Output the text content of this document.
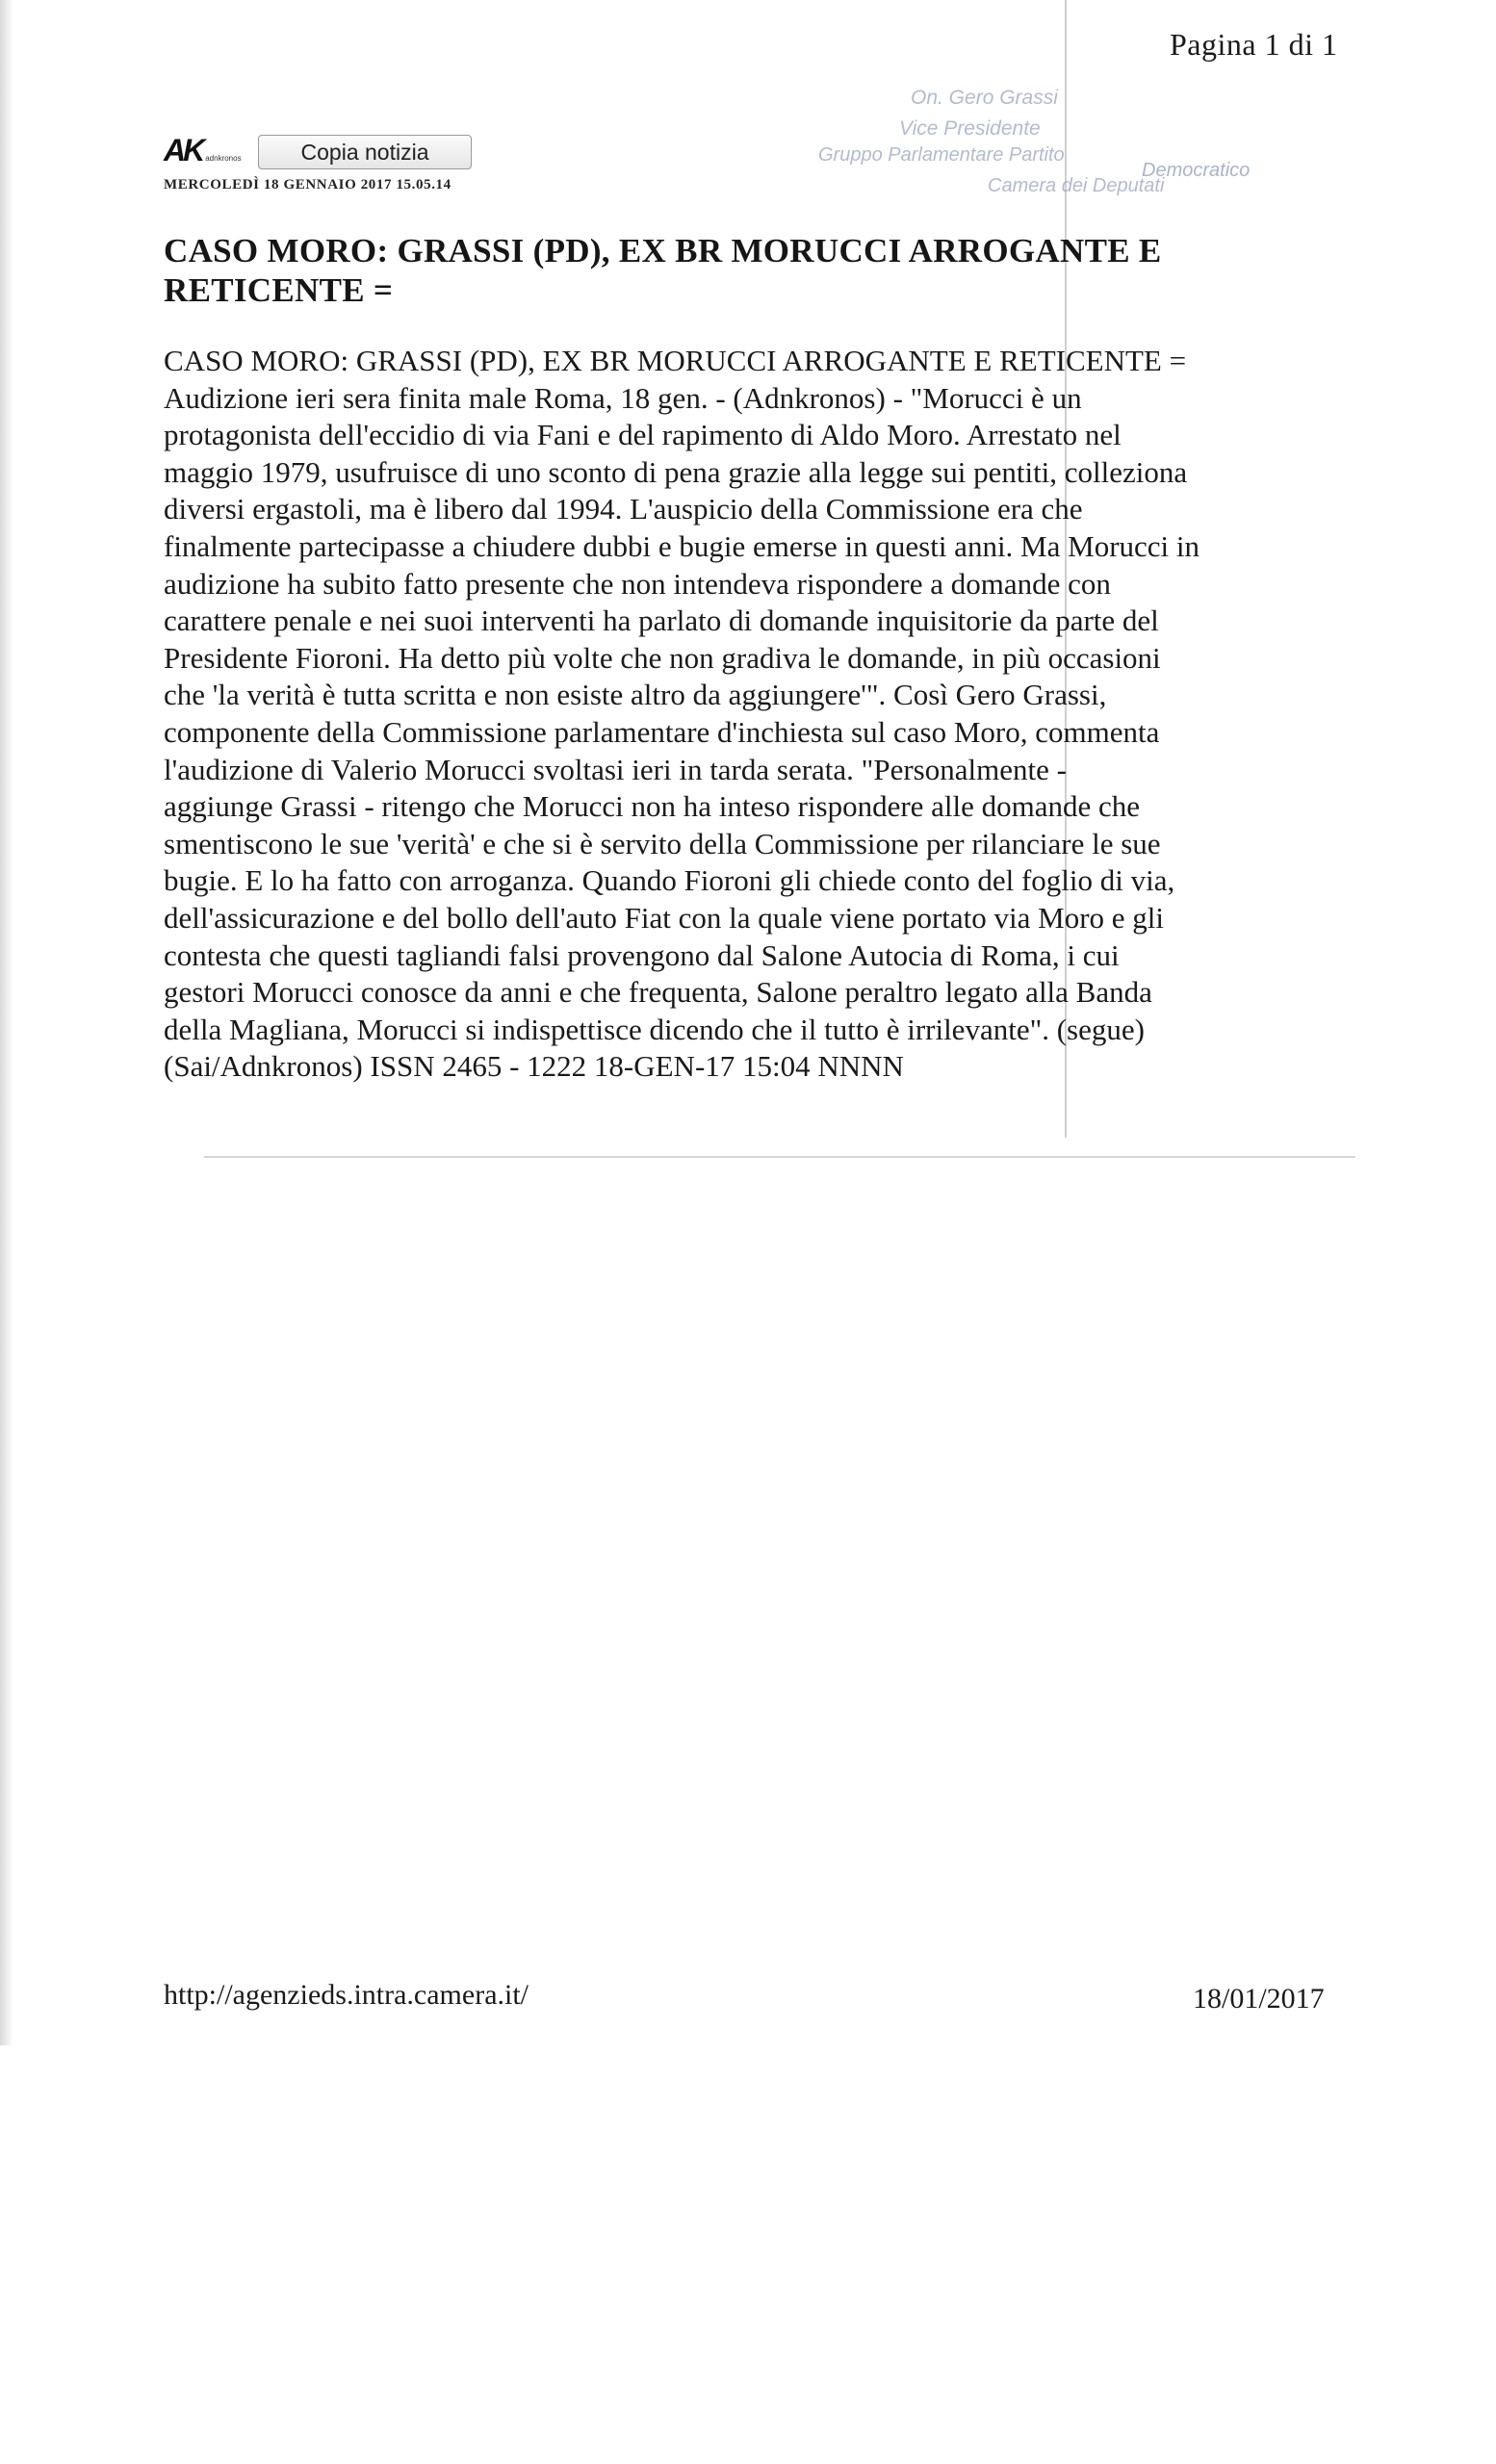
Pagina 1 di 1
AK adnkronos	Copia notizia
MERCOLEDÌ 18 GENNAIO 2017 15.05.14
On. Gero Grassi
Vice Presidente
Gruppo Parlamentare Partito
Democratico
Camera dei Deputati
CASO MORO: GRASSI (PD), EX BR MORUCCI ARROGANTE E
RETICENTE =
CASO MORO: GRASSI (PD), EX BR MORUCCI ARROGANTE E RETICENTE =
Audizione ieri sera finita male Roma, 18 gen. - (Adnkronos) - "Morucci è un
protagonista dell'eccidio di via Fani e del rapimento di Aldo Moro. Arrestato nel
maggio 1979, usufruisce di uno sconto di pena grazie alla legge sui pentiti, colleziona
diversi ergastoli, ma è libero dal 1994. L'auspicio della Commissione era che
finalmente partecipasse a chiudere dubbi e bugie emerse in questi anni. Ma Morucci in
audizione ha subito fatto presente che non intendeva rispondere a domande con
carattere penale e nei suoi interventi ha parlato di domande inquisitorie da parte del
Presidente Fioroni. Ha detto più volte che non gradiva le domande, in più occasioni
che 'la verità è tutta scritta e non esiste altro da aggiungere'". Così Gero Grassi,
componente della Commissione parlamentare d'inchiesta sul caso Moro, commenta
l'audizione di Valerio Morucci svoltasi ieri in tarda serata. "Personalmente -
aggiunge Grassi - ritengo che Morucci non ha inteso rispondere alle domande che
smentiscono le sue 'verità' e che si è servito della Commissione per rilanciare le sue
bugie. E lo ha fatto con arroganza. Quando Fioroni gli chiede conto del foglio di via,
dell'assicurazione e del bollo dell'auto Fiat con la quale viene portato via Moro e gli
contesta che questi tagliandi falsi provengono dal Salone Autocia di Roma, i cui
gestori Morucci conosce da anni e che frequenta, Salone peraltro legato alla Banda
della Magliana, Morucci si indispettisce dicendo che il tutto è irrilevante". (segue)
(Sai/Adnkronos) ISSN 2465 - 1222 18-GEN-17 15:04 NNNN
http://agenzieds.intra.camera.it/	18/01/2017
